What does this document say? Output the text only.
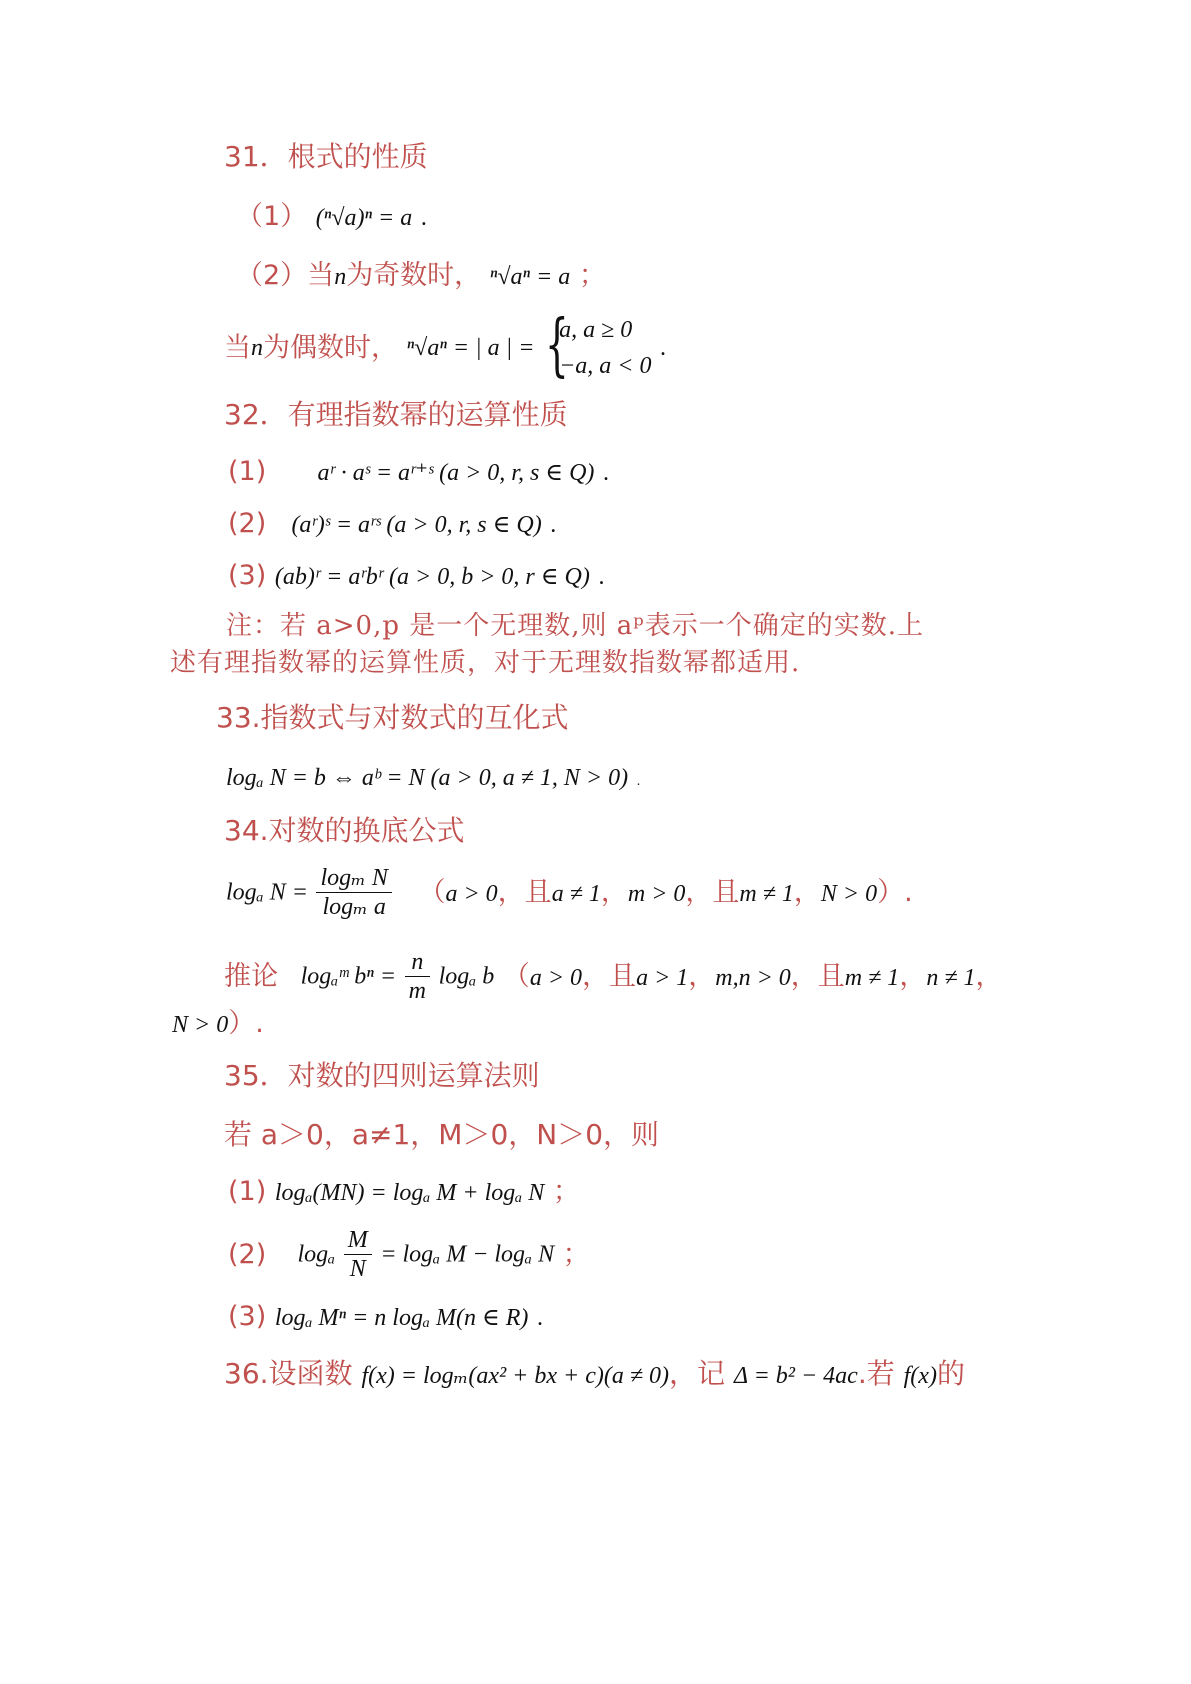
31．根式的性质
（1） (ⁿ√a)ⁿ = a .
（2）当n为奇数时， ⁿ√aⁿ = a ；
当n为偶数时， ⁿ√aⁿ = | a | = {
a, a ≥ 0
−a, a < 0
.
32．有理指数幂的运算性质
(1) aʳ · aˢ = aʳ⁺ˢ (a > 0, r, s ∈ Q) .
(2) (aʳ)ˢ = aʳˢ (a > 0, r, s ∈ Q) .
(3) (ab)ʳ = aʳbʳ (a > 0, b > 0, r ∈ Q) .
注：若 a>0,p 是一个无理数,则 aᵖ表示一个确定的实数.上
述有理指数幂的运算性质，对于无理数指数幂都适用.
33.指数式与对数式的互化式
logₐ N = b ⇔ aᵇ = N (a > 0, a ≠ 1, N > 0) .
34.对数的换底公式
logₐ $N = \frac{\text{logₘ N}}{\text{logₘ a}} (a > 0$，且a ≠ 1，m > 0，且m ≠ 1，N > 0）.
推论 logₐᵐ $b^n = \frac{n}{m}$ logₐ b （a > 0，且a > 1，m,n > 0，且m ≠ 1，n ≠ 1，
N > 0）.
35．对数的四则运算法则
若 a＞0，a≠1，M＞0，N＞0，则
(1) logₐ(MN) = logₐ M + logₐ N ；
(2) logₐ $\frac{M}{N} = \log_a$ M − logₐ N ；
(3) logₐ Mⁿ = n logₐ M(n ∈ R) .
36.设函数 f(x) = logₘ(ax² + bx + c)(a ≠ 0)，记 Δ = b² − 4ac.若 f(x)的
